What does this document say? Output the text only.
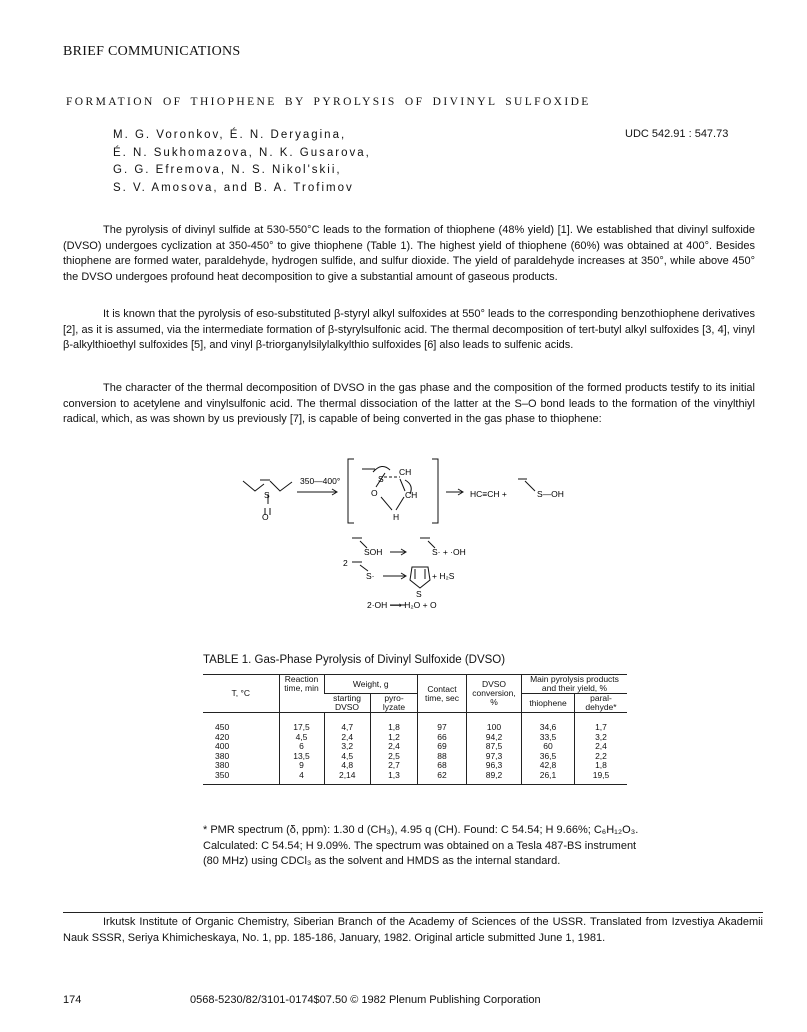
BRIEF COMMUNICATIONS
FORMATION OF THIOPHENE BY PYROLYSIS OF DIVINYL SULFOXIDE
M. G. Voronkov, É. N. Deryagina,
É. N. Sukhomazova, N. K. Gusarova,
G. G. Efremova, N. S. Nikol'skii,
S. V. Amosova, and B. A. Trofimov
UDC 542.91 : 547.73

The pyrolysis of divinyl sulfide at 530-550°C leads to the formation of thiophene (48% yield) [1]. We established that divinyl sulfoxide (DVSO) undergoes cyclization at 350-450° to give thiophene (Table 1). The highest yield of thiophene (60%) was obtained at 400°. Besides thiophene are formed water, paraldehyde, hydrogen sulfide, and sulfur dioxide. The yield of paraldehyde increases at 350°, while above 450° the DVSO undergoes profound heat decomposition to give a substantial amount of gaseous products.

It is known that the pyrolysis of eso-substituted β-styryl alkyl sulfoxides at 550° leads to the corresponding benzothiophene derivatives [2], as it is assumed, via the intermediate formation of β-styrylsulfonic acid. The thermal decomposition of tert-butyl alkyl sulfoxides [3, 4], vinyl β-alkylthioethyl sulfoxides [5], and vinyl β-triorganylsilylalkylthio sulfoxides [6] also leads to sulfenic acids.

The character of the thermal decomposition of DVSO in the gas phase and the composition of the formed products testify to its initial conversion to acetylene and vinylsulfonic acid. The thermal dissociation of the latter at the S–O bond leads to the formation of the vinylthiyl radical, which, as was shown by us previously [7], is capable of being converted in the gas phase to thiophene:

350—400°
S
O
S
CH
O	CH
H
HC≡CH +	S—OH
SOH	S· + ·OH
2
S·	+ H₂S
S
2·OH ⟶ H₂O + O
TABLE 1. Gas-Phase Pyrolysis of Divinyl Sulfoxide (DVSO)
T, °C	Reaction time, min	Weight, g		Contact time, sec	DVSO conversion, %	Main pyrolysis products and their yield, %	
		starting DVSO	pyro- lyzate			thiophene	paral- dehyde*
450	17,5	4,7	1,8	97	100	34,6	1,7
420	4,5	2,4	1,2	66	94,2	33,5	3,2
400	6	3,2	2,4	69	87,5	60	2,4
380	13,5	4,5	2,5	88	97,3	36,5	2,2
380	9	4,8	2,7	68	96,3	42,8	1,8
350	4	2,14	1,3	62	89,2	26,1	19,5
* PMR spectrum (δ, ppm): 1.30 d (CH₃), 4.95 q (CH). Found: C 54.54; H 9.66%; C₆H₁₂O₃. Calculated: C 54.54; H 9.09%. The spectrum was obtained on a Tesla 487-BS instrument (80 MHz) using CDCl₃ as the solvent and HMDS as the internal standard.
Irkutsk Institute of Organic Chemistry, Siberian Branch of the Academy of Sciences of the USSR. Translated from Izvestiya Akademii Nauk SSSR, Seriya Khimicheskaya, No. 1, pp. 185-186, January, 1982. Original article submitted June 1, 1981.
174	0568-5230/82/3101-0174$07.50 © 1982 Plenum Publishing Corporation
